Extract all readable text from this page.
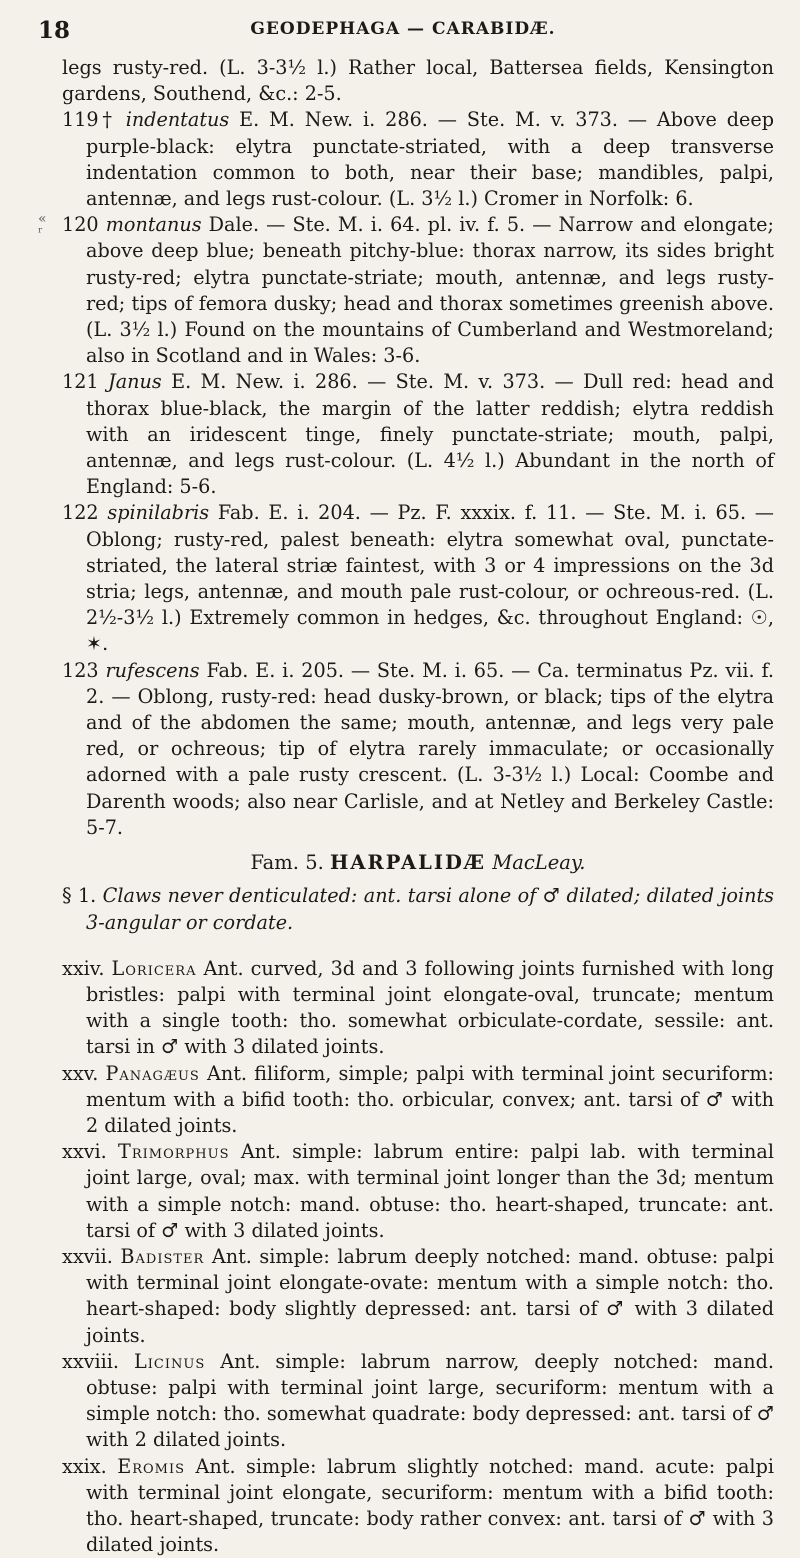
18	GEODEPHAGA — CARABIDÆ.
«
ʳ

legs rusty-red. (L. 3-3½ l.) Rather local, Battersea fields, Kensington gardens, Southend, &c.: 2-5.

119† indentatus E. M. New. i. 286. — Ste. M. v. 373. — Above deep purple-black: elytra punctate-striated, with a deep transverse indentation common to both, near their base; mandibles, palpi, antennæ, and legs rust-colour. (L. 3½ l.) Cromer in Norfolk: 6.

120 montanus Dale. — Ste. M. i. 64. pl. iv. f. 5. — Narrow and elongate; above deep blue; beneath pitchy-blue: thorax narrow, its sides bright rusty-red; elytra punctate-striate; mouth, antennæ, and legs rusty-red; tips of femora dusky; head and thorax sometimes greenish above. (L. 3½ l.) Found on the mountains of Cumberland and Westmoreland; also in Scotland and in Wales: 3-6.

121 Janus E. M. New. i. 286. — Ste. M. v. 373. — Dull red: head and thorax blue-black, the margin of the latter reddish; elytra reddish with an iridescent tinge, finely punctate-striate; mouth, palpi, antennæ, and legs rust-colour. (L. 4½ l.) Abundant in the north of England: 5-6.

122 spinilabris Fab. E. i. 204. — Pz. F. xxxix. f. 11. — Ste. M. i. 65. — Oblong; rusty-red, palest beneath: elytra somewhat oval, punctate-striated, the lateral striæ faintest, with 3 or 4 impressions on the 3d stria; legs, antennæ, and mouth pale rust-colour, or ochreous-red. (L. 2½-3½ l.) Extremely common in hedges, &c. throughout England: ☉, ✶.

123 rufescens Fab. E. i. 205. — Ste. M. i. 65. — Ca. terminatus Pz. vii. f. 2. — Oblong, rusty-red: head dusky-brown, or black; tips of the elytra and of the abdomen the same; mouth, antennæ, and legs very pale red, or ochreous; tip of elytra rarely immaculate; or occasionally adorned with a pale rusty crescent. (L. 3-3½ l.) Local: Coombe and Darenth woods; also near Carlisle, and at Netley and Berkeley Castle: 5-7.

Fam. 5. HARPALIDÆ MacLeay.

§ 1. Claws never denticulated: ant. tarsi alone of ♂ dilated; dilated joints 3-angular or cordate.

xxiv. Loricera Ant. curved, 3d and 3 following joints furnished with long bristles: palpi with terminal joint elongate-oval, truncate; mentum with a single tooth: tho. somewhat orbiculate-cordate, sessile: ant. tarsi in ♂ with 3 dilated joints.

xxv. Panagæus Ant. filiform, simple; palpi with terminal joint securiform: mentum with a bifid tooth: tho. orbicular, convex; ant. tarsi of ♂ with 2 dilated joints.

xxvi. Trimorphus Ant. simple: labrum entire: palpi lab. with terminal joint large, oval; max. with terminal joint longer than the 3d; mentum with a simple notch: mand. obtuse: tho. heart-shaped, truncate: ant. tarsi of ♂ with 3 dilated joints.

xxvii. Badister Ant. simple: labrum deeply notched: mand. obtuse: palpi with terminal joint elongate-ovate: mentum with a simple notch: tho. heart-shaped: body slightly depressed: ant. tarsi of ♂ with 3 dilated joints.

xxviii. Licinus Ant. simple: labrum narrow, deeply notched: mand. obtuse: palpi with terminal joint large, securiform: mentum with a simple notch: tho. somewhat quadrate: body depressed: ant. tarsi of ♂ with 2 dilated joints.

xxix. Eromis Ant. simple: labrum slightly notched: mand. acute: palpi with terminal joint elongate, securiform: mentum with a bifid tooth: tho. heart-shaped, truncate: body rather convex: ant. tarsi of ♂ with 3 dilated joints.
